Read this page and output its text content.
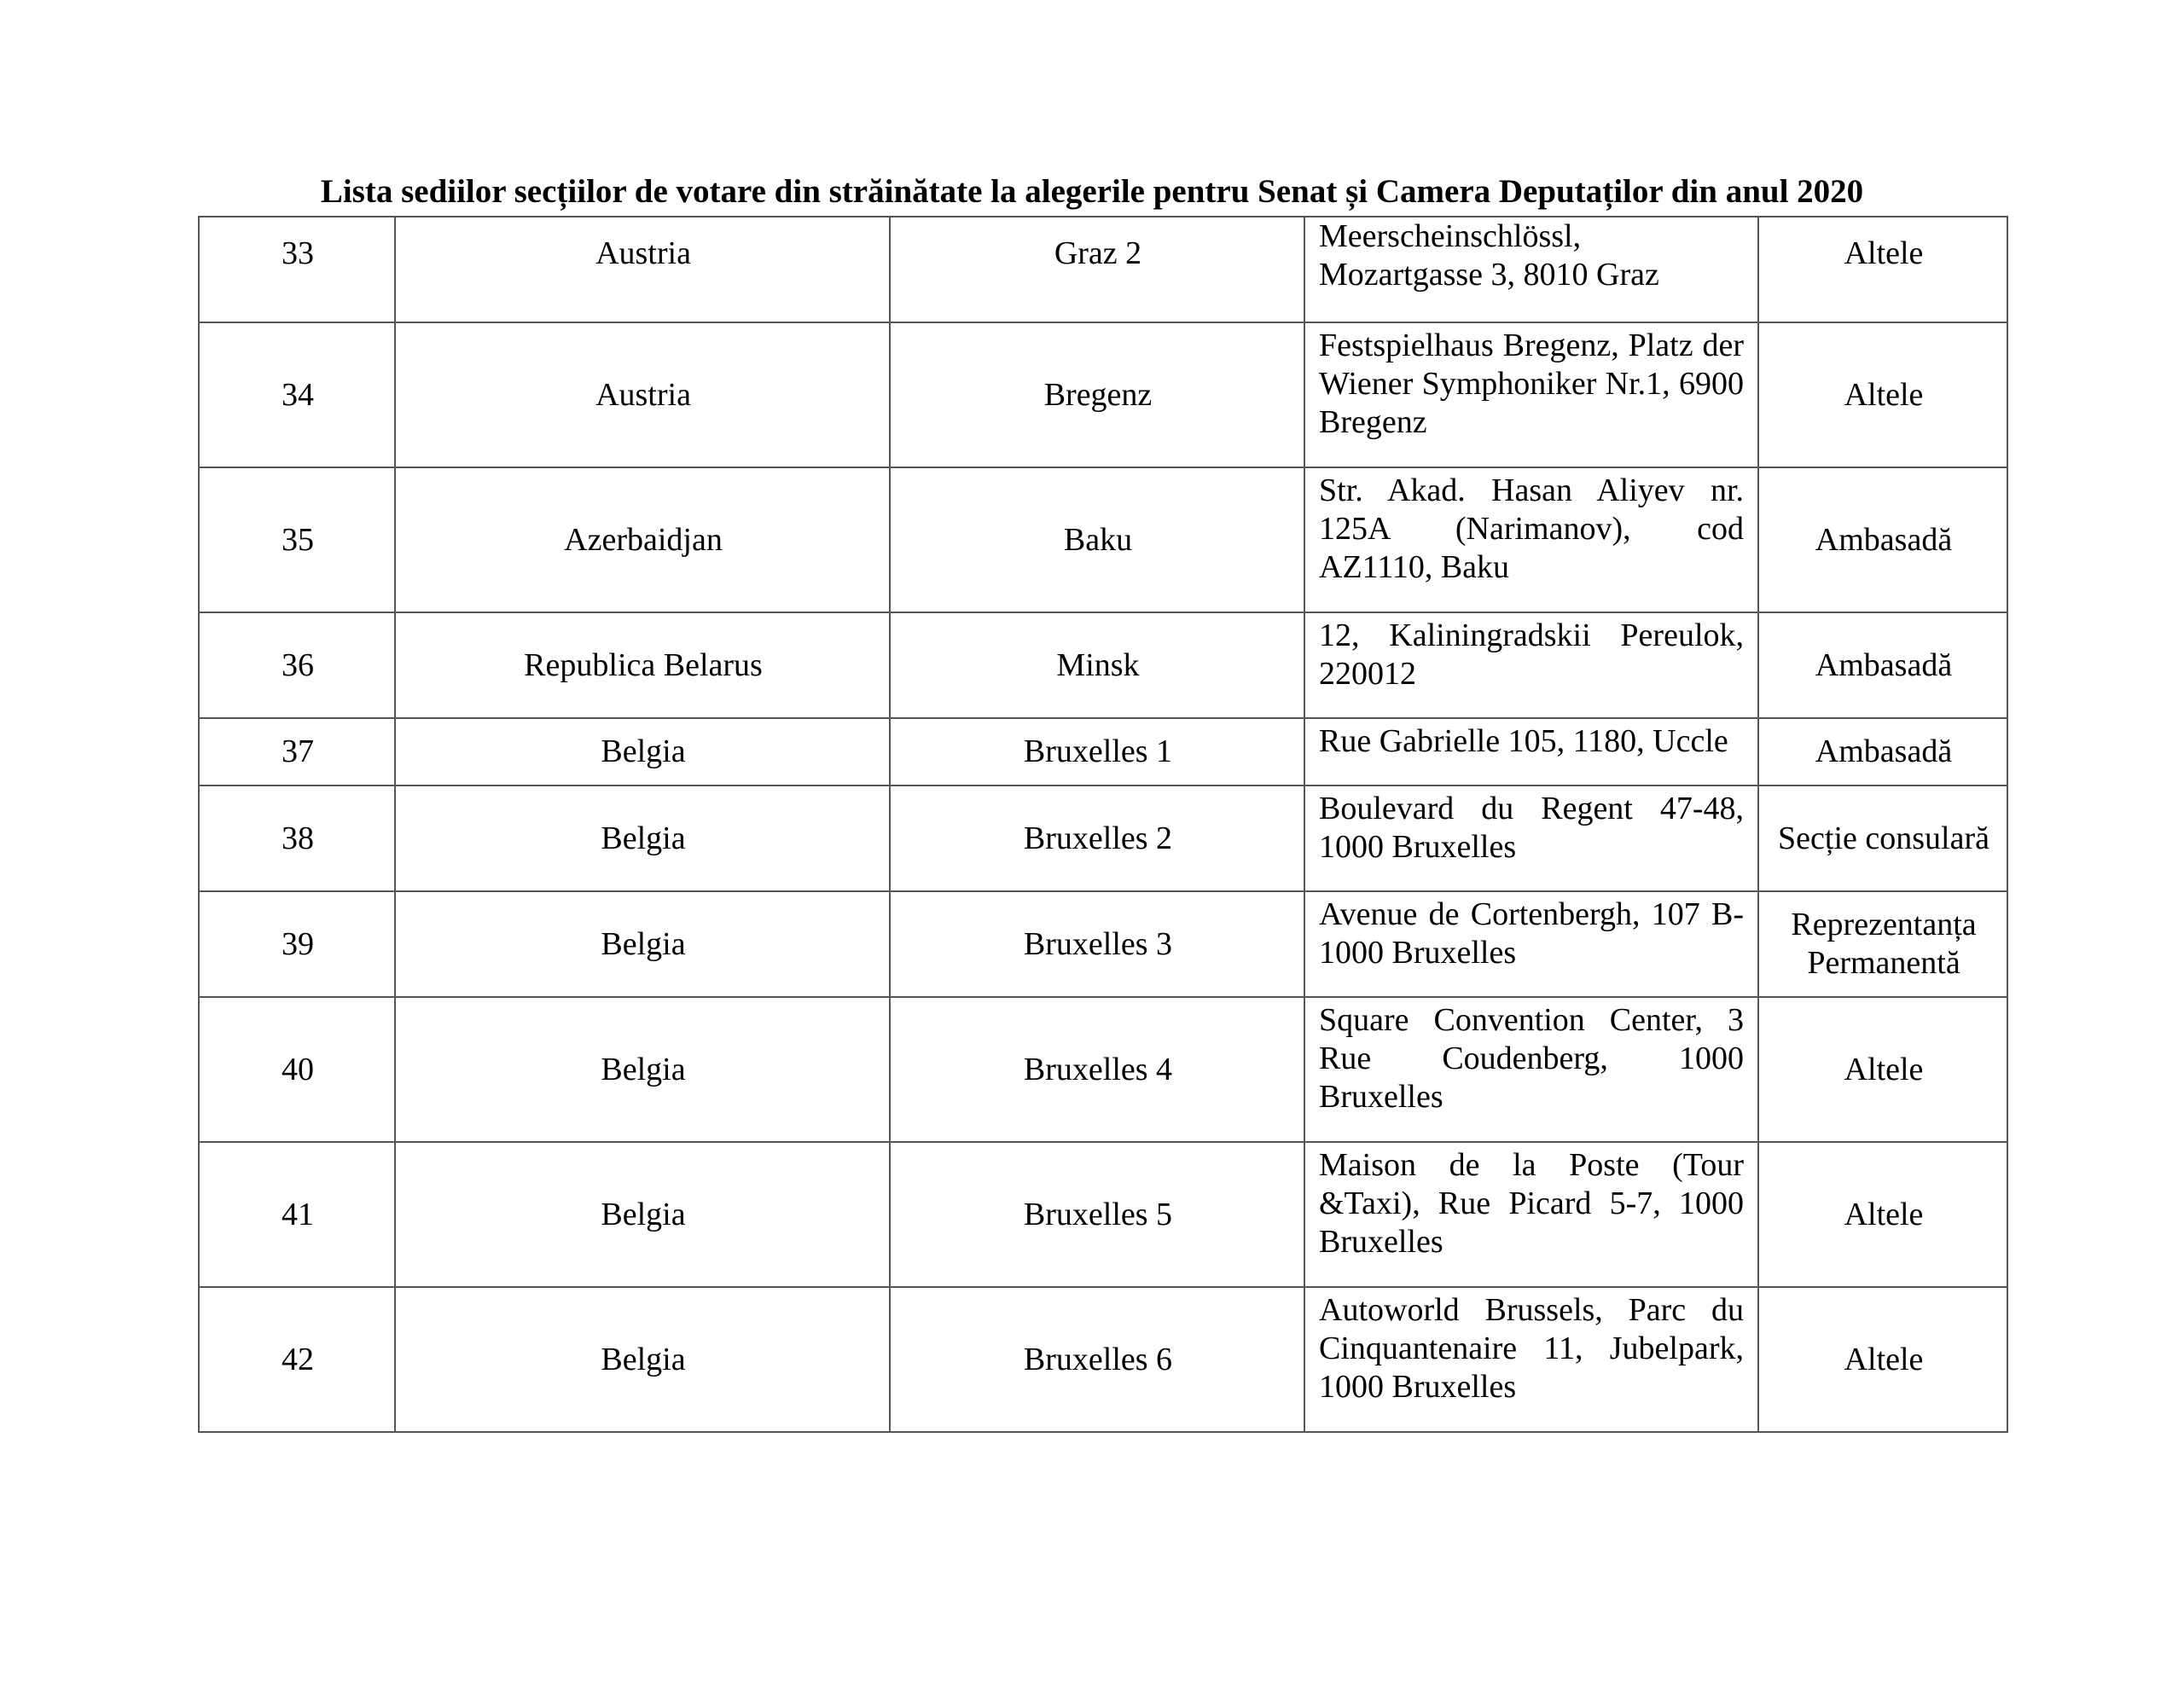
Lista sediilor secțiilor de votare din străinătate la alegerile pentru Senat și Camera Deputaților din anul 2020
33	Austria	Graz 2	Meerscheinschlössl, Mozartgasse 3, 8010 Graz	Altele
34	Austria	Bregenz	Festspielhaus Bregenz, Platz der Wiener Symphoniker Nr.1, 6900 Bregenz	Altele
35	Azerbaidjan	Baku	Str. Akad. Hasan Aliyev nr. 125A (Narimanov), cod AZ1110, Baku	Ambasadă
36	Republica Belarus	Minsk	12, Kaliningradskii Pereulok, 220012	Ambasadă
37	Belgia	Bruxelles 1	Rue Gabrielle 105, 1180, Uccle	Ambasadă
38	Belgia	Bruxelles 2	Boulevard du Regent 47-48, 1000 Bruxelles	Secție consulară
39	Belgia	Bruxelles 3	Avenue de Cortenbergh, 107 B-1000 Bruxelles	Reprezentanța Permanentă
40	Belgia	Bruxelles 4	Square Convention Center, 3 Rue Coudenberg, 1000 Bruxelles	Altele
41	Belgia	Bruxelles 5	Maison de la Poste (Tour &Taxi), Rue Picard 5-7, 1000 Bruxelles	Altele
42	Belgia	Bruxelles 6	Autoworld Brussels, Parc du Cinquantenaire 11, Jubelpark, 1000 Bruxelles	Altele
